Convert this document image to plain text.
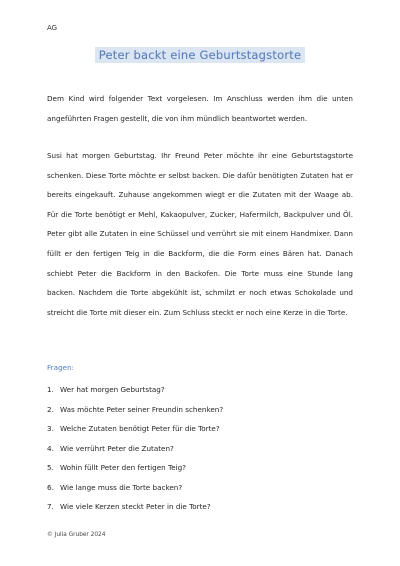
AG
Peter backt eine Geburtstagstorte

Dem Kind wird folgender Text vorgelesen. Im Anschluss werden ihm die unten angeführten Fragen gestellt, die von ihm mündlich beantwortet werden.

Susi hat morgen Geburtstag. Ihr Freund Peter möchte ihr eine Geburtstagstorte schenken. Diese Torte möchte er selbst backen. Die dafür benötigten Zutaten hat er bereits eingekauft. Zuhause angekommen wiegt er die Zutaten mit der Waage ab. Für die Torte benötigt er Mehl, Kakaopulver, Zucker, Hafermilch, Backpulver und Öl. Peter gibt alle Zutaten in eine Schüssel und verrührt sie mit einem Handmixer. Dann füllt er den fertigen Teig in die Backform, die die Form eines Bären hat. Danach schiebt Peter die Backform in den Backofen. Die Torte muss eine Stunde lang backen. Nachdem die Torte abgekühlt ist, schmilzt er noch etwas Schokolade und streicht die Torte mit dieser ein. Zum Schluss steckt er noch eine Kerze in die Torte.

Fragen:
1. Wer hat morgen Geburtstag?
2. Was möchte Peter seiner Freundin schenken?
3. Welche Zutaten benötigt Peter für die Torte?
4. Wie verrührt Peter die Zutaten?
5. Wohin füllt Peter den fertigen Teig?
6. Wie lange muss die Torte backen?
7. Wie viele Kerzen steckt Peter in die Torte?
© Julia Gruber 2024
